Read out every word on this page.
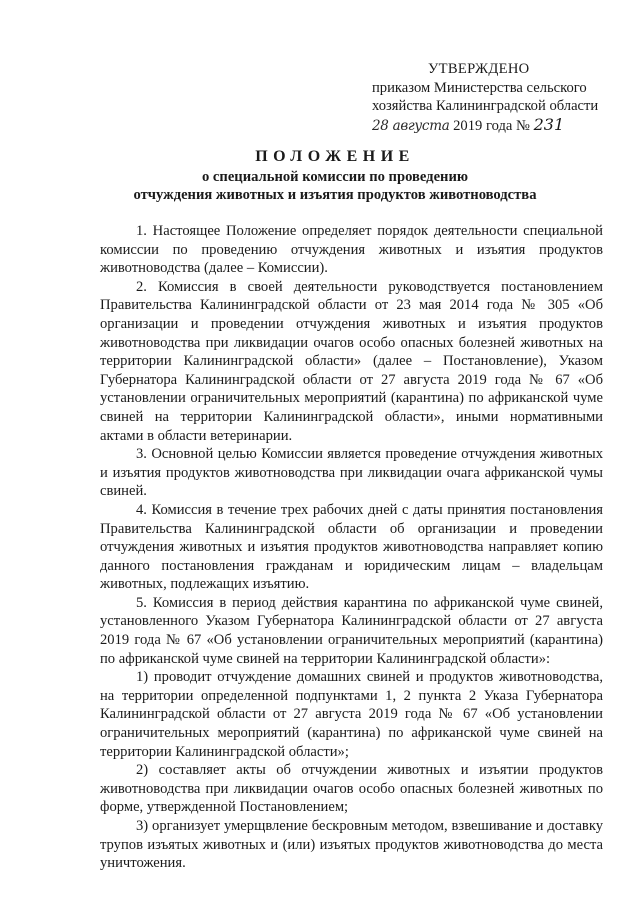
УТВЕРЖДЕНО
приказом Министерства сельского
хозяйства Калининградской области
28 августа 2019 года № 231
ПОЛОЖЕНИЕ
о специальной комиссии по проведению
отчуждения животных и изъятия продуктов животноводства

1. Настоящее Положение определяет порядок деятельности специальной комиссии по проведению отчуждения животных и изъятия продуктов животноводства (далее – Комиссии).

2. Комиссия в своей деятельности руководствуется постановлением Правительства Калининградской области от 23 мая 2014 года № 305 «Об организации и проведении отчуждения животных и изъятия продуктов животноводства при ликвидации очагов особо опасных болезней животных на территории Калининградской области» (далее – Постановление), Указом Губернатора Калининградской области от 27 августа 2019 года № 67 «Об установлении ограничительных мероприятий (карантина) по африканской чуме свиней на территории Калининградской области», иными нормативными актами в области ветеринарии.

3. Основной целью Комиссии является проведение отчуждения животных и изъятия продуктов животноводства при ликвидации очага африканской чумы свиней.

4. Комиссия в течение трех рабочих дней с даты принятия постановления Правительства Калининградской области об организации и проведении отчуждения животных и изъятия продуктов животноводства направляет копию данного постановления гражданам и юридическим лицам – владельцам животных, подлежащих изъятию.

5. Комиссия в период действия карантина по африканской чуме свиней, установленного Указом Губернатора Калининградской области от 27 августа 2019 года № 67 «Об установлении ограничительных мероприятий (карантина) по африканской чуме свиней на территории Калининградской области»:

1) проводит отчуждение домашних свиней и продуктов животноводства, на территории определенной подпунктами 1, 2 пункта 2 Указа Губернатора Калининградской области от 27 августа 2019 года № 67 «Об установлении ограничительных мероприятий (карантина) по африканской чуме свиней на территории Калининградской области»;

2) составляет акты об отчуждении животных и изъятии продуктов животноводства при ликвидации очагов особо опасных болезней животных по форме, утвержденной Постановлением;

3) организует умерщвление бескровным методом, взвешивание и доставку трупов изъятых животных и (или) изъятых продуктов животноводства до места уничтожения.
